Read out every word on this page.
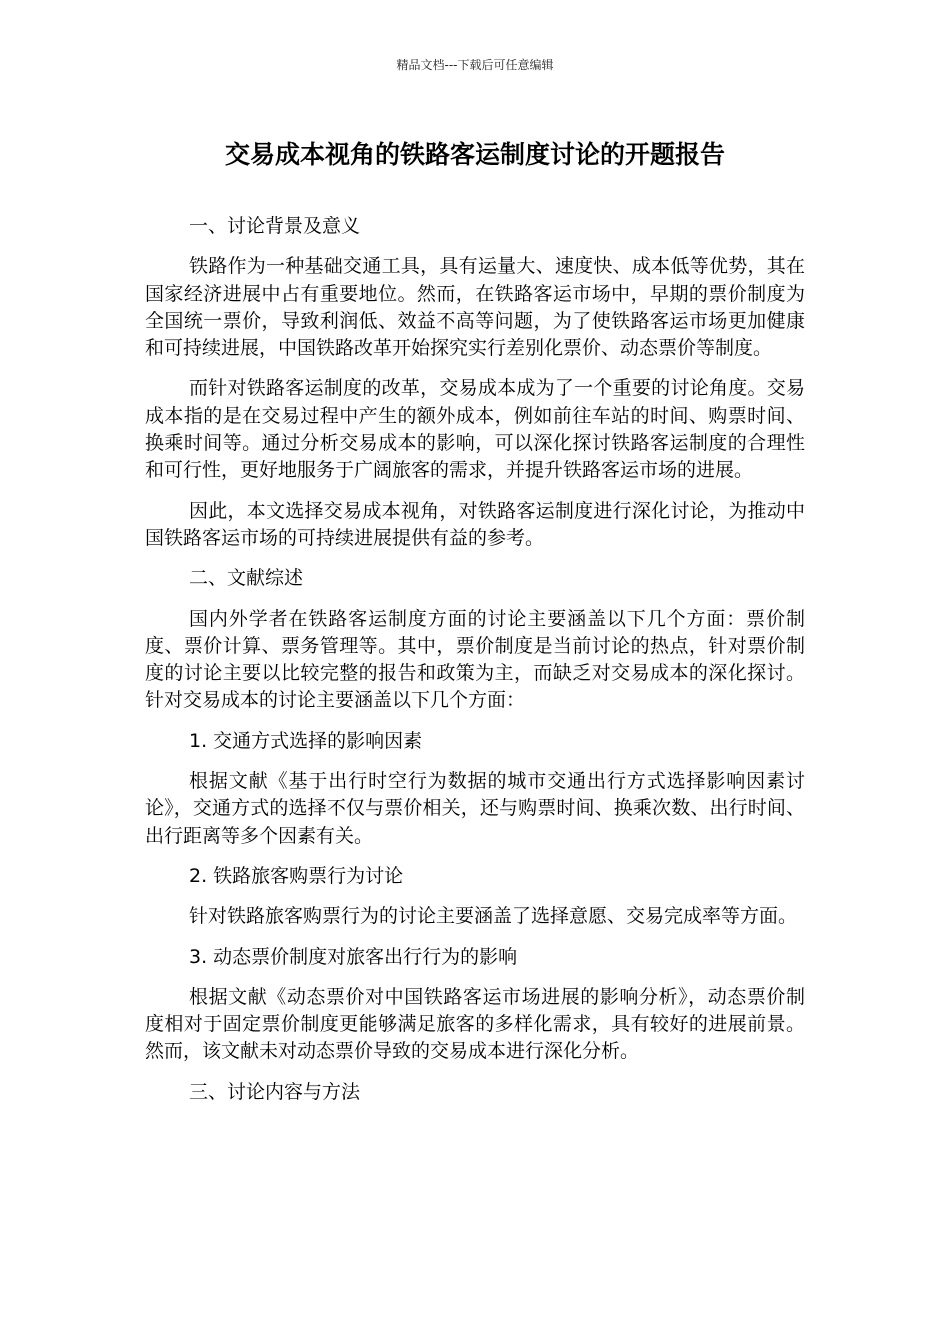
精品文档---下载后可任意编辑
交易成本视角的铁路客运制度讨论的开题报告

一、讨论背景及意义

铁路作为一种基础交通工具，具有运量大、速度快、成本低等优势，其在国家经济进展中占有重要地位。然而，在铁路客运市场中，早期的票价制度为全国统一票价，导致利润低、效益不高等问题，为了使铁路客运市场更加健康和可持续进展，中国铁路改革开始探究实行差别化票价、动态票价等制度。

而针对铁路客运制度的改革，交易成本成为了一个重要的讨论角度。交易成本指的是在交易过程中产生的额外成本，例如前往车站的时间、购票时间、换乘时间等。通过分析交易成本的影响，可以深化探讨铁路客运制度的合理性和可行性，更好地服务于广阔旅客的需求，并提升铁路客运市场的进展。

因此，本文选择交易成本视角，对铁路客运制度进行深化讨论，为推动中国铁路客运市场的可持续进展提供有益的参考。

二、文献综述

国内外学者在铁路客运制度方面的讨论主要涵盖以下几个方面：票价制度、票价计算、票务管理等。其中，票价制度是当前讨论的热点，针对票价制度的讨论主要以比较完整的报告和政策为主，而缺乏对交易成本的深化探讨。针对交易成本的讨论主要涵盖以下几个方面：

1. 交通方式选择的影响因素

根据文献《基于出行时空行为数据的城市交通出行方式选择影响因素讨论》，交通方式的选择不仅与票价相关，还与购票时间、换乘次数、出行时间、出行距离等多个因素有关。

2. 铁路旅客购票行为讨论

针对铁路旅客购票行为的讨论主要涵盖了选择意愿、交易完成率等方面。

3. 动态票价制度对旅客出行行为的影响

根据文献《动态票价对中国铁路客运市场进展的影响分析》，动态票价制度相对于固定票价制度更能够满足旅客的多样化需求，具有较好的进展前景。然而，该文献未对动态票价导致的交易成本进行深化分析。

三、讨论内容与方法
